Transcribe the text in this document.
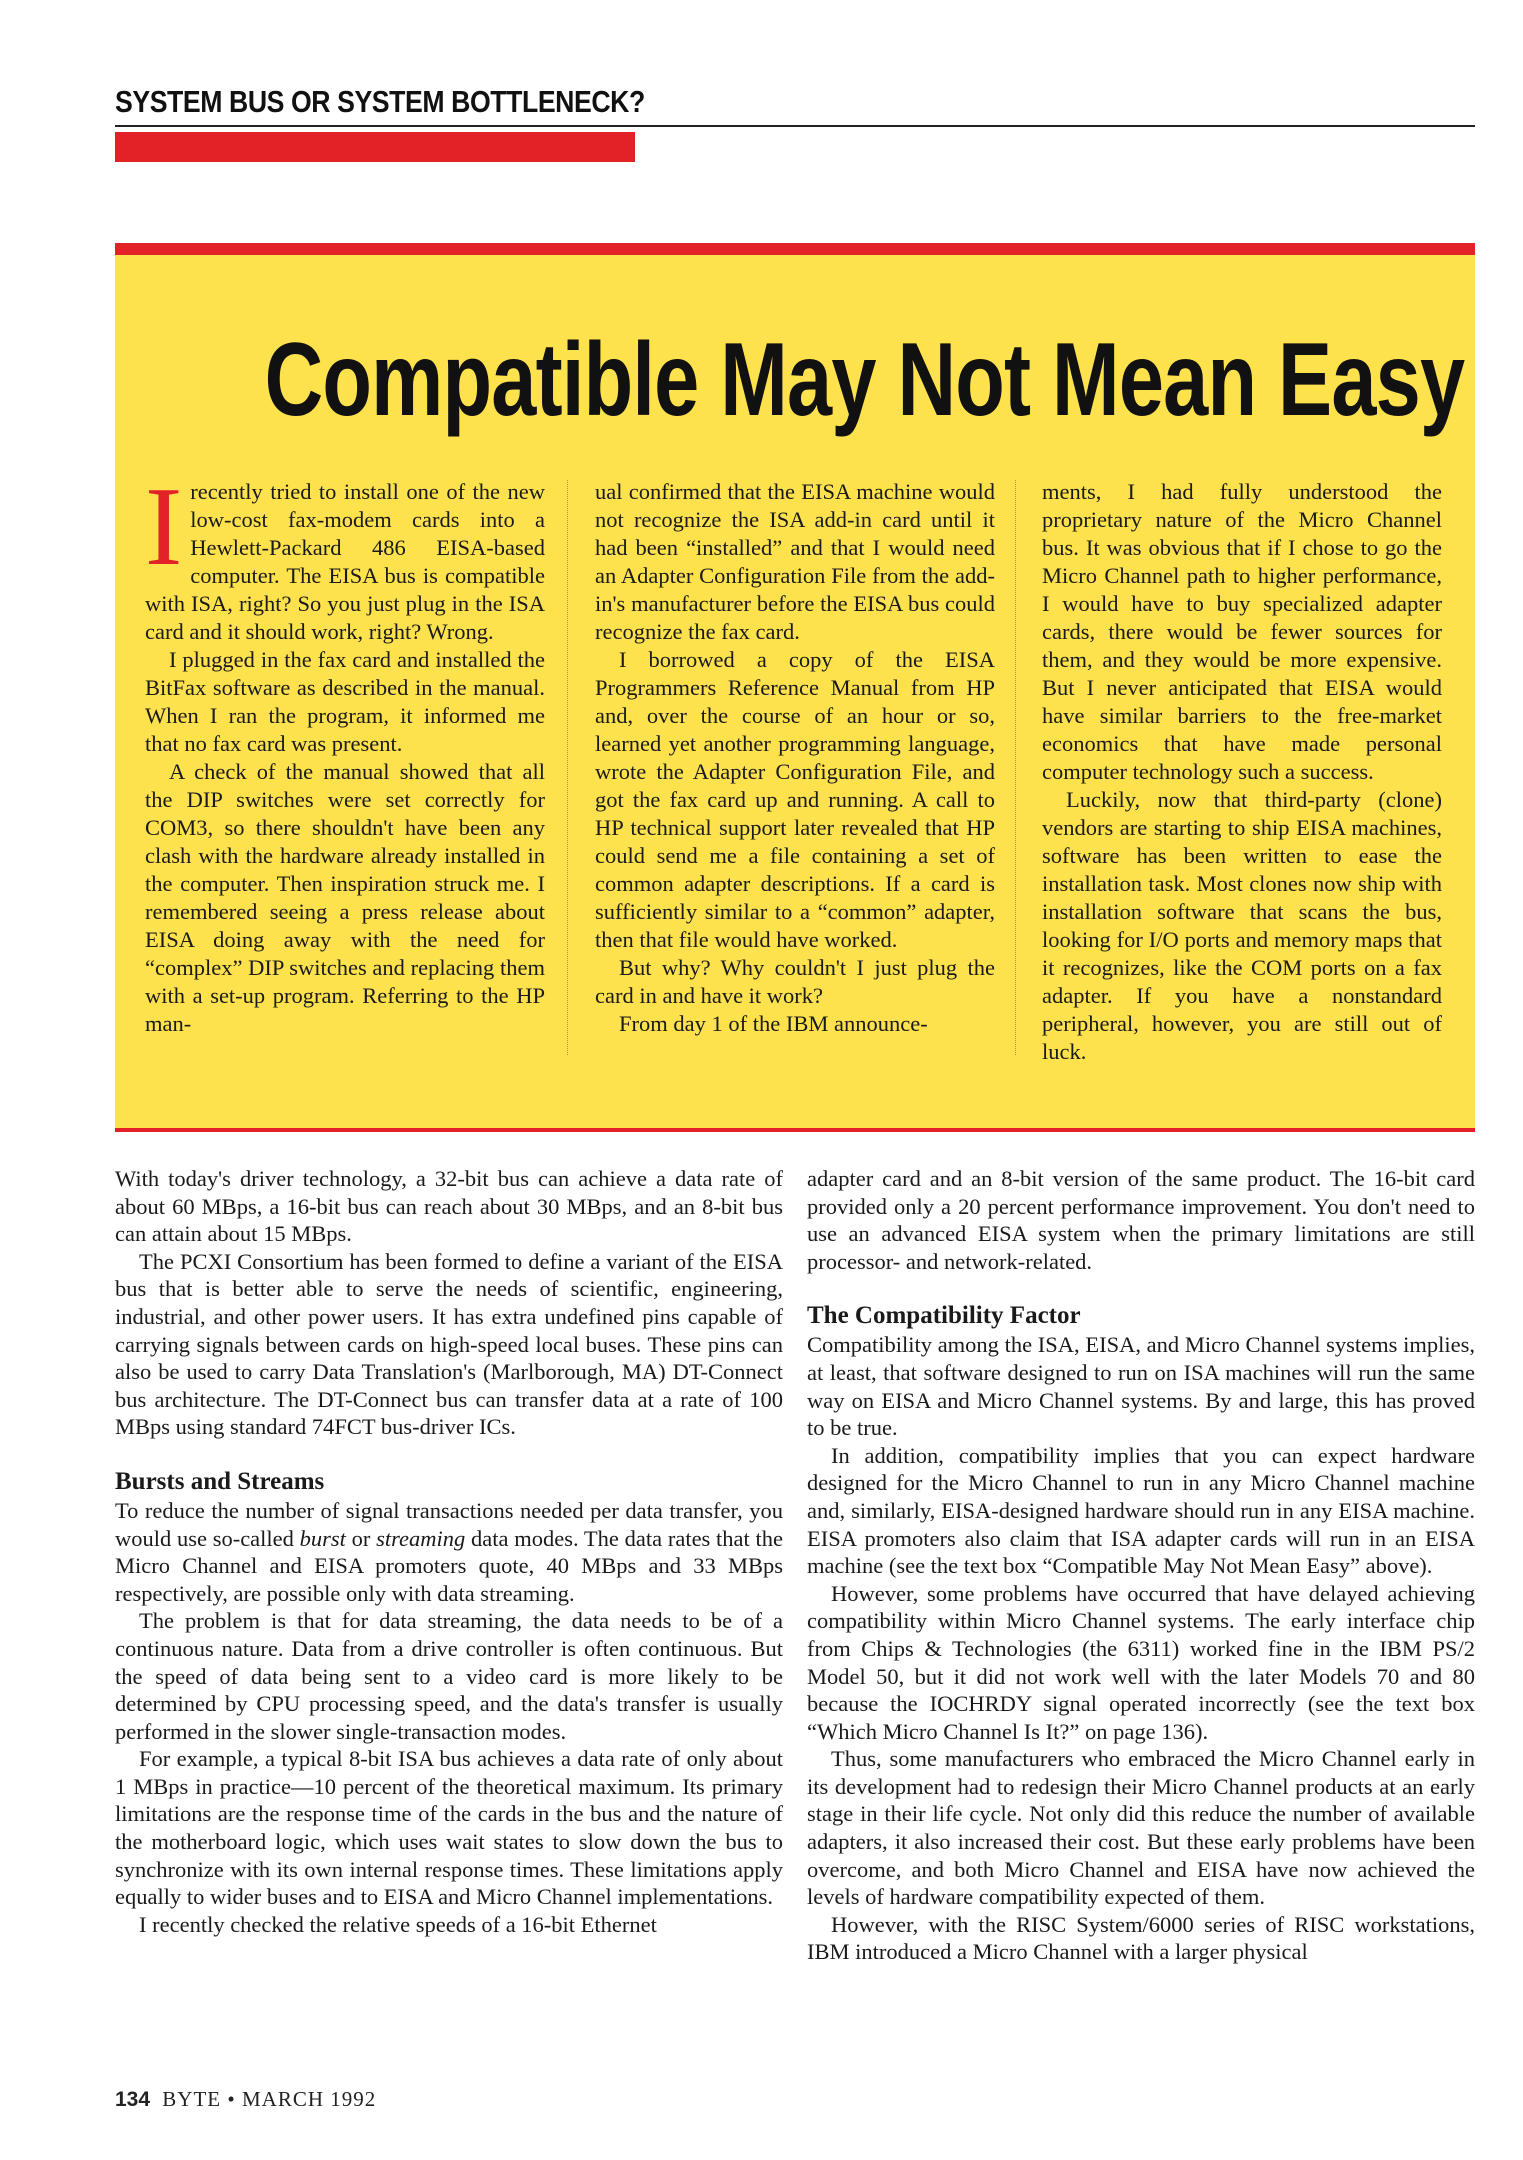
SYSTEM BUS OR SYSTEM BOTTLENECK?
Compatible May Not Mean Easy

Irecently tried to install one of the new low-cost fax-modem cards into a Hewlett-Packard 486 EISA-based computer. The EISA bus is compatible with ISA, right? So you just plug in the ISA card and it should work, right? Wrong.

I plugged in the fax card and installed the BitFax software as described in the manual. When I ran the program, it informed me that no fax card was present.

A check of the manual showed that all the DIP switches were set correctly for COM3, so there shouldn't have been any clash with the hardware already installed in the computer. Then inspiration struck me. I remembered seeing a press release about EISA doing away with the need for “complex” DIP switches and replacing them with a set-up program. Referring to the HP man-

ual confirmed that the EISA machine would not recognize the ISA add-in card until it had been “installed” and that I would need an Adapter Configuration File from the add-in's manufacturer before the EISA bus could recognize the fax card.

I borrowed a copy of the EISA Programmers Reference Manual from HP and, over the course of an hour or so, learned yet another programming language, wrote the Adapter Configuration File, and got the fax card up and running. A call to HP technical support later revealed that HP could send me a file containing a set of common adapter descriptions. If a card is sufficiently similar to a “common” adapter, then that file would have worked.

But why? Why couldn't I just plug the card in and have it work?

From day 1 of the IBM announce-

ments, I had fully understood the proprietary nature of the Micro Channel bus. It was obvious that if I chose to go the Micro Channel path to higher performance, I would have to buy specialized adapter cards, there would be fewer sources for them, and they would be more expensive. But I never anticipated that EISA would have similar barriers to the free-market economics that have made personal computer technology such a success.

Luckily, now that third-party (clone) vendors are starting to ship EISA machines, software has been written to ease the installation task. Most clones now ship with installation software that scans the bus, looking for I/O ports and memory maps that it recognizes, like the COM ports on a fax adapter. If you have a nonstandard peripheral, however, you are still out of luck.

With today's driver technology, a 32-bit bus can achieve a data rate of about 60 MBps, a 16-bit bus can reach about 30 MBps, and an 8-bit bus can attain about 15 MBps.

The PCXI Consortium has been formed to define a variant of the EISA bus that is better able to serve the needs of scientific, engineering, industrial, and other power users. It has extra undefined pins capable of carrying signals between cards on high-speed local buses. These pins can also be used to carry Data Translation's (Marlborough, MA) DT-Connect bus architecture. The DT-Connect bus can transfer data at a rate of 100 MBps using standard 74FCT bus-driver ICs.

Bursts and Streams

To reduce the number of signal transactions needed per data transfer, you would use so-called burst or streaming data modes. The data rates that the Micro Channel and EISA promoters quote, 40 MBps and 33 MBps respectively, are possible only with data streaming.

The problem is that for data streaming, the data needs to be of a continuous nature. Data from a drive controller is often continuous. But the speed of data being sent to a video card is more likely to be determined by CPU processing speed, and the data's transfer is usually performed in the slower single-transaction modes.

For example, a typical 8-bit ISA bus achieves a data rate of only about 1 MBps in practice—10 percent of the theoretical maximum. Its primary limitations are the response time of the cards in the bus and the nature of the motherboard logic, which uses wait states to slow down the bus to synchronize with its own internal response times. These limitations apply equally to wider buses and to EISA and Micro Channel implementations.

I recently checked the relative speeds of a 16-bit Ethernet

adapter card and an 8-bit version of the same product. The 16-bit card provided only a 20 percent performance improvement. You don't need to use an advanced EISA system when the primary limitations are still processor- and network-related.

The Compatibility Factor

Compatibility among the ISA, EISA, and Micro Channel systems implies, at least, that software designed to run on ISA machines will run the same way on EISA and Micro Channel systems. By and large, this has proved to be true.

In addition, compatibility implies that you can expect hardware designed for the Micro Channel to run in any Micro Channel machine and, similarly, EISA-designed hardware should run in any EISA machine. EISA promoters also claim that ISA adapter cards will run in an EISA machine (see the text box “Compatible May Not Mean Easy” above).

However, some problems have occurred that have delayed achieving compatibility within Micro Channel systems. The early interface chip from Chips & Technologies (the 6311) worked fine in the IBM PS/2 Model 50, but it did not work well with the later Models 70 and 80 because the IOCHRDY signal operated incorrectly (see the text box “Which Micro Channel Is It?” on page 136).

Thus, some manufacturers who embraced the Micro Channel early in its development had to redesign their Micro Channel products at an early stage in their life cycle. Not only did this reduce the number of available adapters, it also increased their cost. But these early problems have been overcome, and both Micro Channel and EISA have now achieved the levels of hardware compatibility expected of them.

However, with the RISC System/6000 series of RISC workstations, IBM introduced a Micro Channel with a larger physical

134 BYTE • MARCH 1992
